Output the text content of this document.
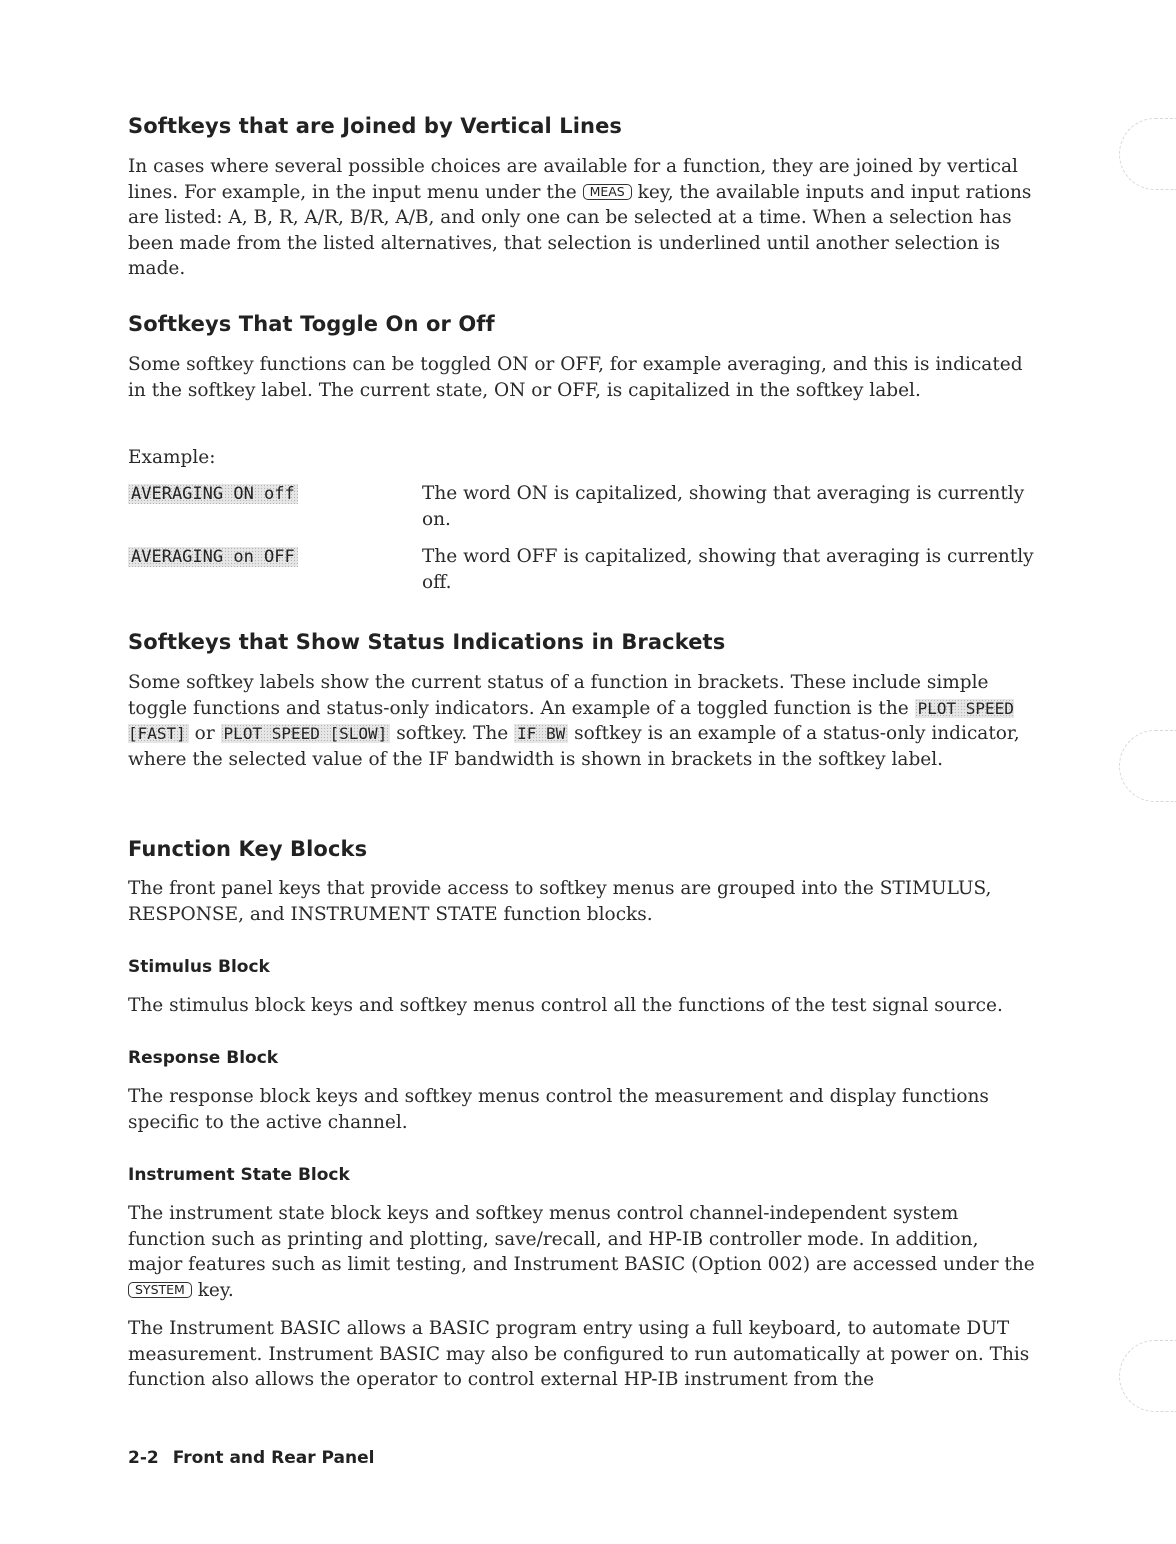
Softkeys that are Joined by Vertical Lines

In cases where several possible choices are available for a function, they are joined by vertical lines. For example, in the input menu under the MEAS key, the available inputs and input rations are listed: A, B, R, A/R, B/R, A/B, and only one can be selected at a time. When a selection has been made from the listed alternatives, that selection is underlined until another selection is made.

Softkeys That Toggle On or Off

Some softkey functions can be toggled ON or OFF, for example averaging, and this is indicated in the softkey label. The current state, ON or OFF, is capitalized in the softkey label.

Example:

AVERAGING ON off	The word ON is capitalized, showing that averaging is currently on.

AVERAGING on OFF	The word OFF is capitalized, showing that averaging is currently off.

Softkeys that Show Status Indications in Brackets

Some softkey labels show the current status of a function in brackets. These include simple toggle functions and status-only indicators. An example of a toggled function is the PLOT SPEED [FAST] or PLOT SPEED [SLOW] softkey. The IF BW softkey is an example of a status-only indicator, where the selected value of the IF bandwidth is shown in brackets in the softkey label.

Function Key Blocks

The front panel keys that provide access to softkey menus are grouped into the STIMULUS, RESPONSE, and INSTRUMENT STATE function blocks.

Stimulus Block

The stimulus block keys and softkey menus control all the functions of the test signal source.

Response Block

The response block keys and softkey menus control the measurement and display functions specific to the active channel.

Instrument State Block

The instrument state block keys and softkey menus control channel-independent system function such as printing and plotting, save/recall, and HP-IB controller mode. In addition, major features such as limit testing, and Instrument BASIC (Option 002) are accessed under the SYSTEM key.

The Instrument BASIC allows a BASIC program entry using a full keyboard, to automate DUT measurement. Instrument BASIC may also be configured to run automatically at power on. This function also allows the operator to control external HP-IB instrument from the

2-2 Front and Rear Panel
